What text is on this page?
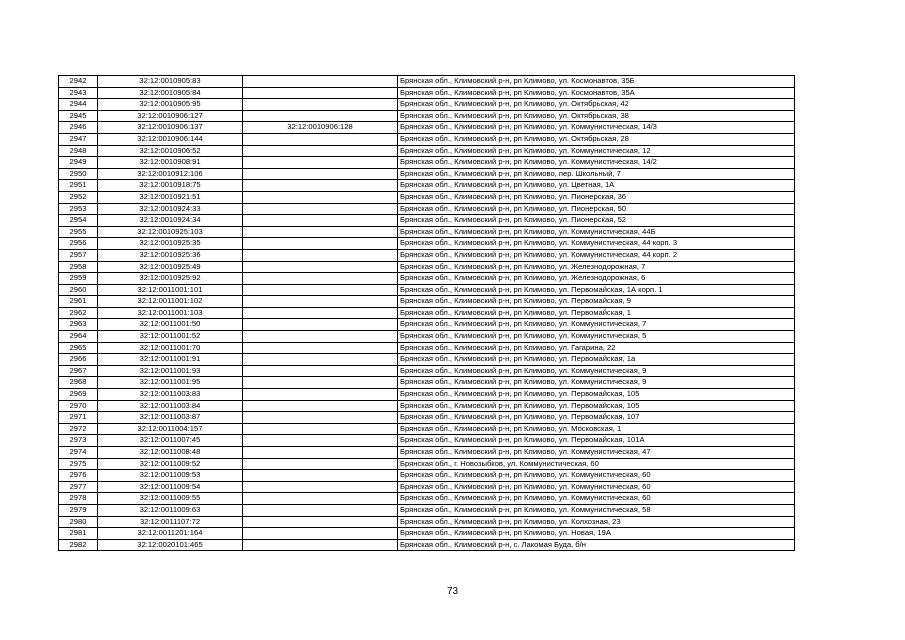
2942	32:12:0010905:83		Брянская обл., Климовский р-н, рп Климово, ул. Космонавтов, 35Б
2943	32:12:0010905:84		Брянская обл., Климовский р-н, рп Климово, ул. Космонавтов, 35А
2944	32:12:0010905:95		Брянская обл., Климовский р-н, рп Климово, ул. Октябрьская, 42
2945	32:12:0010906:127		Брянская обл., Климовский р-н, рп Климово, ул. Октябрьская, 38
2946	32:12:0010906:137	32:12:0010906:128	Брянская обл., Климовский р-н, рп Климово, ул. Коммунистическая, 14/3
2947	32:12:0010906:144		Брянская обл., Климовский р-н, рп Климово, ул. Октябрьская, 28
2948	32:12:0010906:52		Брянская обл., Климовский р-н, рп Климово, ул. Коммунистическая, 12
2949	32:12:0010908:91		Брянская обл., Климовский р-н, рп Климово, ул. Коммунистическая, 14/2
2950	32:12:0010912:106		Брянская обл., Климовский р-н, рп Климово, пер. Школьный, 7
2951	32:12:0010918:75		Брянская обл., Климовский р-н, рп Климово, ул. Цветная, 1А
2952	32:12:0010921:51		Брянская обл., Климовский р-н, рп Климово, ул. Пионерская, 36
2953	32:12:0010924:33		Брянская обл., Климовский р-н, рп Климово, ул. Пионерская, 50
2954	32:12:0010924:34		Брянская обл., Климовский р-н, рп Климово, ул. Пионерская, 52
2955	32:12:0010925:103		Брянская обл., Климовский р-н, рп Климово, ул. Коммунистическая, 44Б
2956	32:12:0010925:35		Брянская обл., Климовский р-н, рп Климово, ул. Коммунистическая, 44 корп. 3
2957	32:12:0010925:36		Брянская обл., Климовский р-н, рп Климово, ул. Коммунистическая, 44 корп. 2
2958	32:12:0010925:49		Брянская обл., Климовский р-н, рп Климово, ул. Железнодорожная, 7
2959	32:12:0010925:92		Брянская обл., Климовский р-н, рп Климово, ул. Железнодорожная, 6
2960	32:12:0011001:101		Брянская обл., Климовский р-н, рп Климово, ул. Первомайская, 1А корп. 1
2961	32:12:0011001:102		Брянская обл., Климовский р-н, рп Климово, ул. Первомайская, 9
2962	32:12:0011001:103		Брянская обл., Климовский р-н, рп Климово, ул. Первомайская, 1
2963	32:12:0011001:50		Брянская обл., Климовский р-н, рп Климово, ул. Коммунистическая, 7
2964	32:12:0011001:52		Брянская обл., Климовский р-н, рп Климово, ул. Коммунистическая, 5
2965	32:12:0011001:70		Брянская обл., Климовский р-н, рп Климово, ул. Гагарина, 22
2966	32:12:0011001:91		Брянская обл., Климовский р-н, рп Климово, ул. Первомайская, 1а
2967	32:12:0011001:93		Брянская обл., Климовский р-н, рп Климово, ул. Коммунистическая, 9
2968	32:12:0011001:95		Брянская обл., Климовский р-н, рп Климово, ул. Коммунистическая, 9
2969	32:12:0011003:83		Брянская обл., Климовский р-н, рп Климово, ул. Первомайская, 105
2970	32:12:0011003:84		Брянская обл., Климовский р-н, рп Климово, ул. Первомайская, 105
2971	32:12:0011003:87		Брянская обл., Климовский р-н, рп Климово, ул. Первомайская, 107
2972	32:12:0011004:157		Брянская обл., Климовский р-н, рп Климово, ул. Московская, 1
2973	32:12:0011007:45		Брянская обл., Климовский р-н, рп Климово, ул. Первомайская, 101А
2974	32:12:0011008:48		Брянская обл., Климовский р-н, рп Климово, ул. Коммунистическая, 47
2975	32:12:0011009:52		Брянская обл., г. Новозыбков, ул. Коммунистическая, 60
2976	32:12:0011009:53		Брянская обл., Климовский р-н, рп Климово, ул. Коммунистическая, 60
2977	32:12:0011009:54		Брянская обл., Климовский р-н, рп Климово, ул. Коммунистическая, 60
2978	32:12:0011009:55		Брянская обл., Климовский р-н, рп Климово, ул. Коммунистическая, 60
2979	32:12:0011009:63		Брянская обл., Климовский р-н, рп Климово, ул. Коммунистическая, 58
2980	32:12:0011107:72		Брянская обл., Климовский р-н, рп Климово, ул. Колхозная, 23
2981	32:12:0011201:164		Брянская обл., Климовский р-н, рп Климово, ул. Новая, 19А
2982	32:12:0020101:465		Брянская обл., Климовский р-н, с. Лакомая Буда, б/н
73
